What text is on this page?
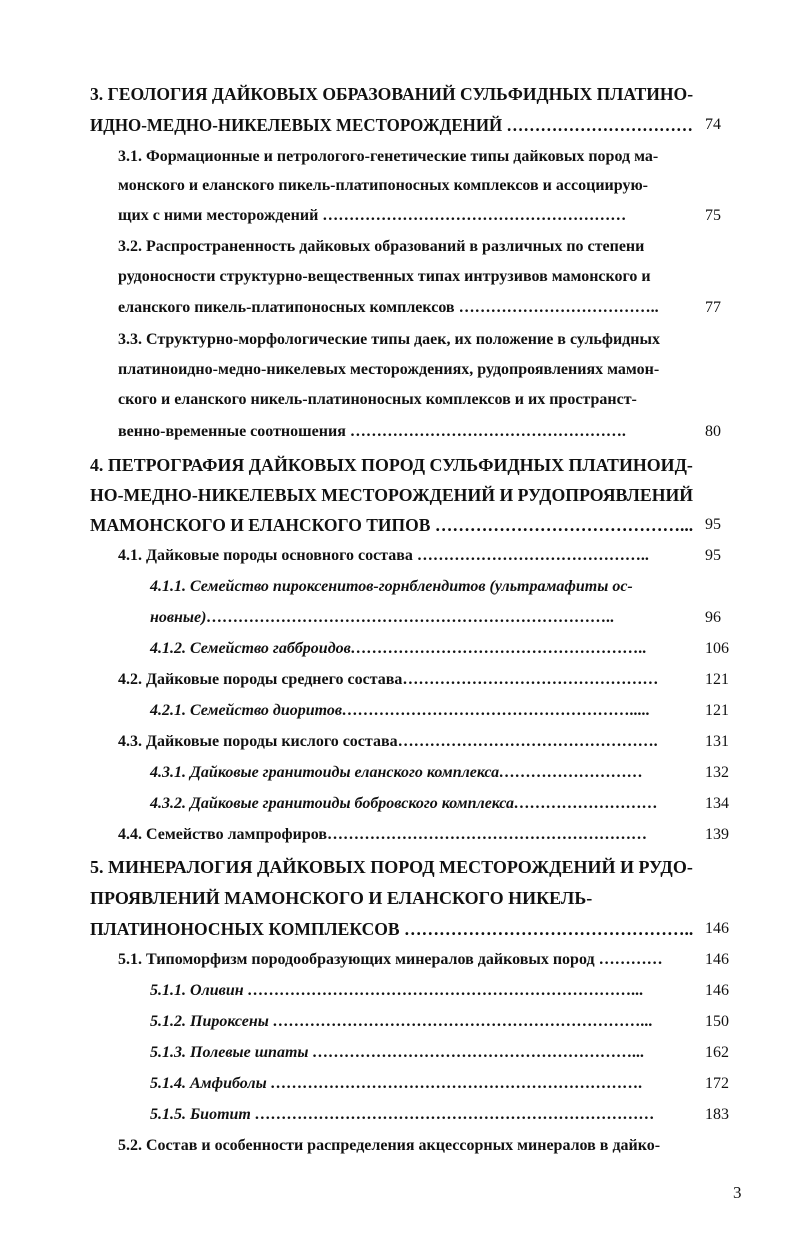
3. ГЕОЛОГИЯ ДАЙКОВЫХ ОБРАЗОВАНИЙ СУЛЬФИДНЫХ ПЛАТИНО-
ИДНО-МЕДНО-НИКЕЛЕВЫХ МЕСТОРОЖДЕНИЙ …………………………… 74
3.1. Формационные и петрологого-генетические типы дайковых пород ма-
монского и еланского пикель-платипоносных комплексов и ассоциирую-
щих с ними месторождений …………………………………………………	75
3.2. Распространенность дайковых образований в различных по степени
рудоносности структурно-вещественных типах интрузивов мамонского и
еланского пикель-платипоносных комплексов ………………………………..	77
3.3. Структурно-морфологические типы даек, их положение в сульфидных
платиноидно-медно-никелевых месторождениях, рудопроявлениях мамон-
ского и еланского никель-платиноносных комплексов и их пространст-
венно-временные соотношения …………………………………………….	80
4. ПЕТРОГРАФИЯ ДАЙКОВЫХ ПОРОД СУЛЬФИДНЫХ ПЛАТИНОИД-
НО-МЕДНО-НИКЕЛЕВЫХ МЕСТОРОЖДЕНИЙ И РУДОПРОЯВЛЕНИЙ
МАМОНСКОГО И ЕЛАНСКОГО ТИПОВ ……………………………………... 95
4.1. Дайковые породы основного состава ……………………………………..	95
4.1.1. Семейство пироксенитов-горнблендитов (ультрамафиты ос-
новные)…………………………………………………………………..	96
4.1.2. Семейство габброидов………………………………………………..	106
4.2. Дайковые породы среднего состава…………………………………………	121
4.2.1. Семейство диоритов……………………………………………….....	121
4.3. Дайковые породы кислого состава………………………………………….	131
4.3.1. Дайковые гранитоиды еланского комплекса………………………	132
4.3.2. Дайковые гранитоиды бобровского комплекса………………………	134
4.4. Семейство лампрофиров……………………………………………………	139
5. МИНЕРАЛОГИЯ ДАЙКОВЫХ ПОРОД МЕСТОРОЖДЕНИЙ И РУДО-
ПРОЯВЛЕНИЙ МАМОНСКОГО И ЕЛАНСКОГО НИКЕЛЬ-
ПЛАТИНОНОСНЫХ КОМПЛЕКСОВ ………………………………………….. 146
5.1. Типоморфизм породообразующих минералов дайковых пород …………	146
5.1.1. Оливин ………………………………………………………………...	146
5.1.2. Пироксены ……………………………………………………………...	150
5.1.3. Полевые шпаты ……………………………………………………...	162
5.1.4. Амфиболы …………………………………………………………….	172
5.1.5. Биотит …………………………………………………………………	183
5.2. Состав и особенности распределения акцессорных минералов в дайко-
3
